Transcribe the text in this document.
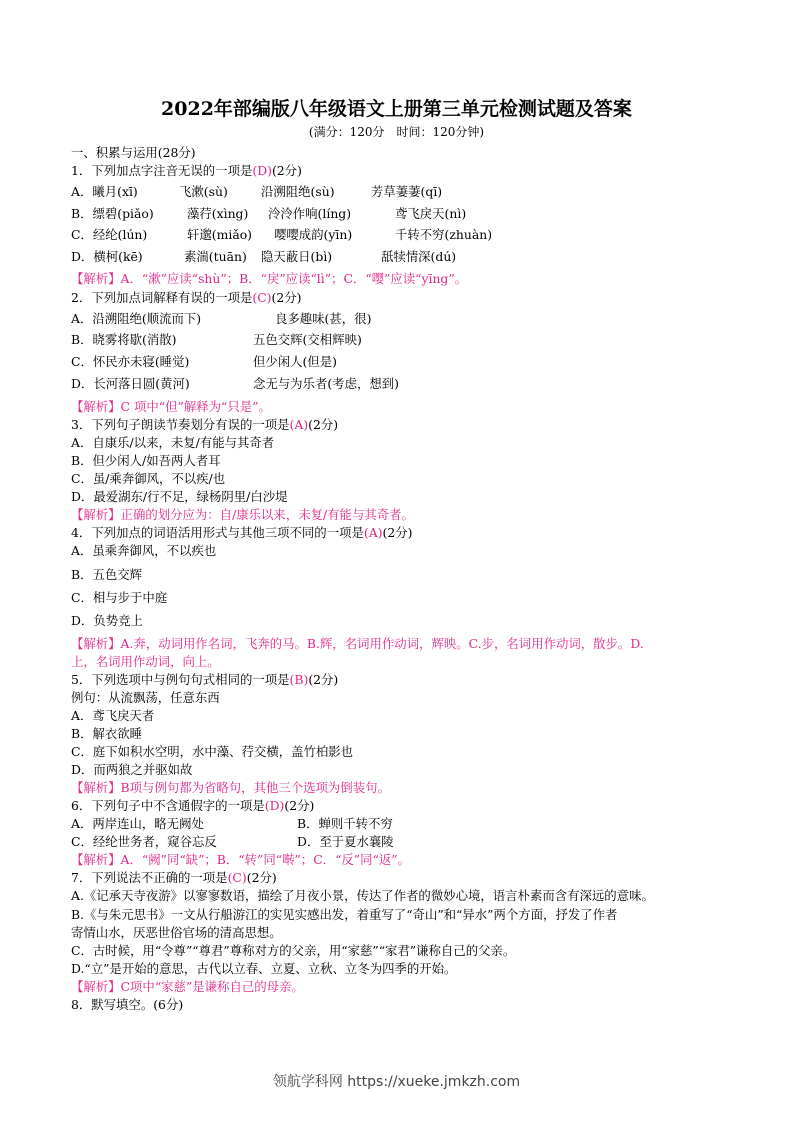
2022年部编版八年级语文上册第三单元检测试题及答案
(满分：120分　时间：120分钟)
一、积累与运用(28分)
1．下列加点字注音无误的一项是(D)(2分)
A．曦月(xī)	飞漱(sù)	沿溯阻绝(sù)	芳草萋萋(qī)
B．缥碧(piǎo)	藻荇(xìng) 泠泠作响(líng)	鸢飞戾天(nì)
C．经纶(lún)	轩邈(miǎo) 嘤嘤成韵(yīn)	千转不穷(zhuàn)
D．横柯(kē)	素湍(tuān) 隐天蔽日(bì)	舐犊情深(dú)
【解析】A．“漱”应读“shù”；B．“戾”应读“lì”；C．“嘤”应读“yīng”。
2．下列加点词解释有误的一项是(C)(2分)
A．沿溯阻绝(顺流而下)	良多趣味(甚，很)
B．晓雾将歇(消散)	五色交辉(交相辉映)
C．怀民亦未寝(睡觉)	但少闲人(但是)
D．长河落日圆(黄河)	念无与为乐者(考虑，想到)
【解析】C 项中“但”解释为“只是”。
3．下列句子朗读节奏划分有误的一项是(A)(2分)
A．自康乐/以来，未复/有能与其奇者
B．但少闲人/如吾两人者耳
C．虽/乘奔御风，不以疾/也
D．最爱湖东/行不足，绿杨阴里/白沙堤
【解析】正确的划分应为：自/康乐以来，未复/有能与其奇者。
4．下列加点的词语活用形式与其他三项不同的一项是(A)(2分)
A．虽乘奔御风，不以疾也
B．五色交辉
C．相与步于中庭
D．负势竞上
【解析】A.奔，动词用作名词，飞奔的马。B.辉，名词用作动词，辉映。C.步，名词用作动词，散步。D.
上，名词用作动词，向上。
5．下列选项中与例句句式相同的一项是(B)(2分)
例句：从流飘荡，任意东西
A．鸢飞戾天者
B．解衣欲睡
C．庭下如积水空明，水中藻、荇交横，盖竹柏影也
D．而两狼之并驱如故
【解析】B项与例句都为省略句，其他三个选项为倒装句。
6．下列句子中不含通假字的一项是(D)(2分)
A．两岸连山，略无阙处	B．蝉则千转不穷
C．经纶世务者，窥谷忘反	D．至于夏水襄陵
【解析】A．“阙”同“缺”；B．“转”同“啭”；C．“反”同“返”。
7．下列说法不正确的一项是(C)(2分)
A.《记承天寺夜游》以寥寥数语，描绘了月夜小景，传达了作者的微妙心境，语言朴素而含有深远的意味。
B.《与朱元思书》一文从行船游江的实见实感出发，着重写了“奇山”和“异水”两个方面，抒发了作者
寄情山水，厌恶世俗官场的清高思想。
C．古时候，用“令尊”“尊君”尊称对方的父亲，用“家慈”“家君”谦称自己的父亲。
D.“立”是开始的意思，古代以立春、立夏、立秋、立冬为四季的开始。
【解析】C项中“家慈”是谦称自己的母亲。
8．默写填空。(6分)
领航学科网 https://xueke.jmkzh.com
